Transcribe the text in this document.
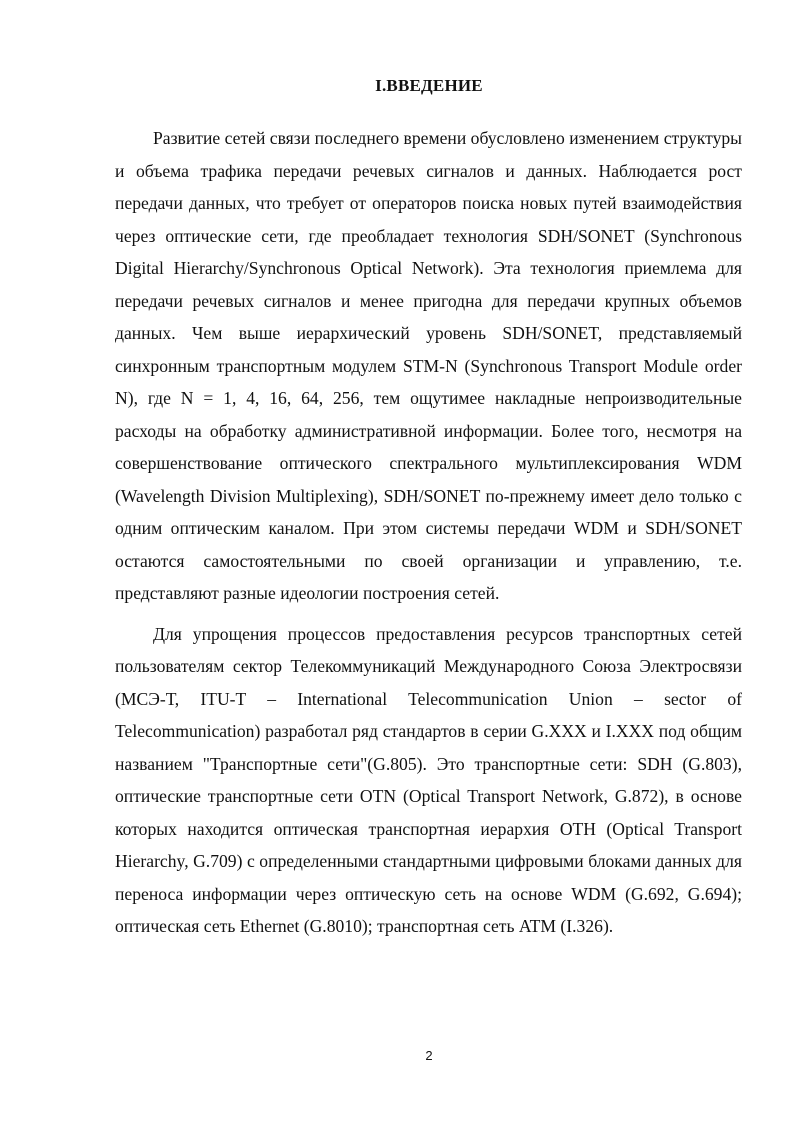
I.ВВЕДЕНИЕ

Развитие сетей связи последнего времени обусловлено изменением структуры и объема трафика передачи речевых сигналов и данных. Наблюдается рост передачи данных, что требует от операторов поиска новых путей взаимодействия через оптические сети, где преобладает технология SDH/SONET (Synchronous Digital Hierarchy/Synchronous Optical Network). Эта технология приемлема для передачи речевых сигналов и менее пригодна для передачи крупных объемов данных. Чем выше иерархический уровень SDH/SONET, представляемый синхронным транспортным модулем STM-N (Synchronous Transport Module order N), где N = 1, 4, 16, 64, 256, тем ощутимее накладные непроизводительные расходы на обработку административной информации. Более того, несмотря на совершенствование оптического спектрального мультиплексирования WDM (Wavelength Division Multiplexing), SDH/SONET по-прежнему имеет дело только с одним оптическим каналом. При этом системы передачи WDM и SDH/SONET остаются самостоятельными по своей организации и управлению, т.е. представляют разные идеологии построения сетей.

Для упрощения процессов предоставления ресурсов транспортных сетей пользователям сектор Телекоммуникаций Международного Союза Электросвязи (МСЭ-Т, ITU-T – International Telecommunication Union – sector of Telecommunication) разработал ряд стандартов в серии G.XXX и I.XXX под общим названием "Транспортные сети"(G.805). Это транспортные сети: SDH (G.803), оптические транспортные сети OTN (Optical Transport Network, G.872), в основе которых находится оптическая транспортная иерархия OTH (Optical Transport Hierarchy, G.709) с определенными стандартными цифровыми блоками данных для переноса информации через оптическую сеть на основе WDM (G.692, G.694); оптическая сеть Ethernet (G.8010); транспортная сеть ATM (I.326).

2
